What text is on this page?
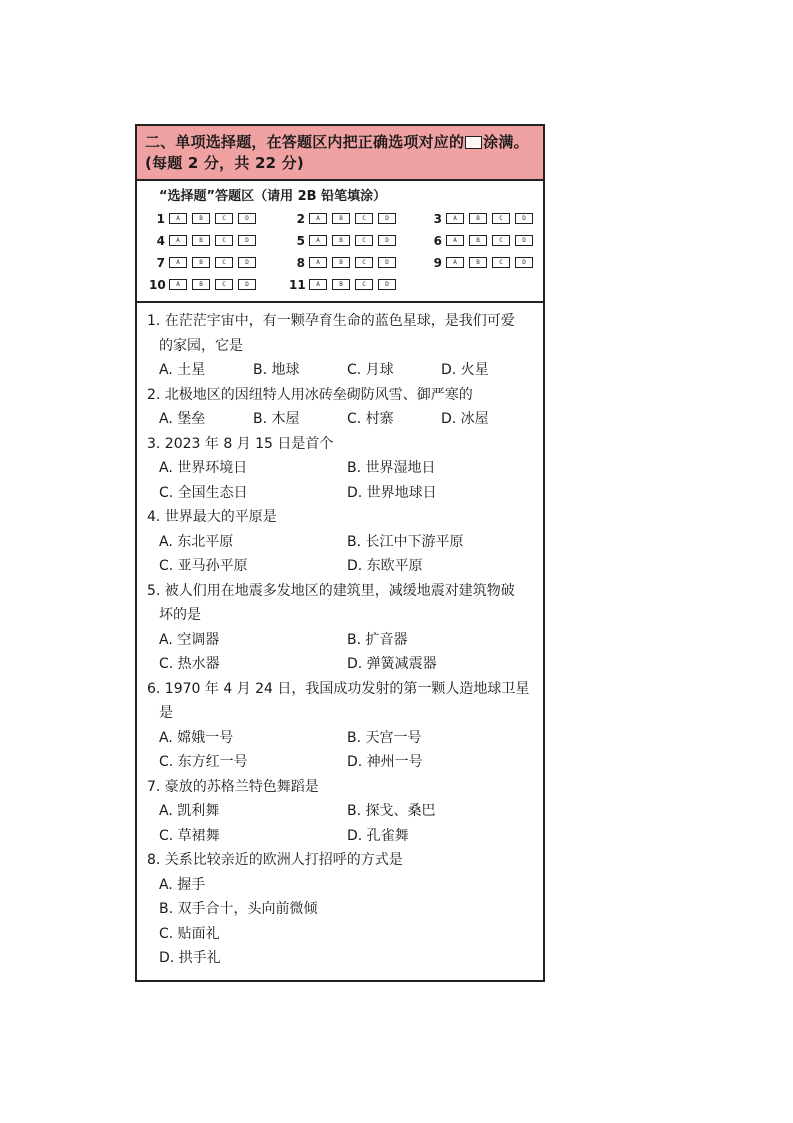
二、单项选择题，在答题区内把正确选项对应的 涂满。
(每题 2 分，共 22 分)
“选择题”答题区（请用 2B 铅笔填涂）
1	A	B	C	D	2	A	B	C	D	3	A	B	C	D
4	A	B	C	D	5	A	B	C	D	6	A	B	C	D
7	A	B	C	D	8	A	B	C	D	9	A	B	C	D
10	A	B	C	D	11	A	B	C	D
1. 在茫茫宇宙中，有一颗孕育生命的蓝色星球，是我们可爱
的家园，它是
A. 土星	B. 地球	C. 月球	D. 火星
2. 北极地区的因纽特人用冰砖垒砌防风雪、御严寒的
A. 堡垒	B. 木屋	C. 村寨	D. 冰屋
3. 2023 年 8 月 15 日是首个
A. 世界环境日	B. 世界湿地日
C. 全国生态日	D. 世界地球日
4. 世界最大的平原是
A. 东北平原	B. 长江中下游平原
C. 亚马孙平原	D. 东欧平原
5. 被人们用在地震多发地区的建筑里，减缓地震对建筑物破
坏的是
A. 空调器	B. 扩音器
C. 热水器	D. 弹簧减震器
6. 1970 年 4 月 24 日，我国成功发射的第一颗人造地球卫星
是
A. 嫦娥一号	B. 天宫一号
C. 东方红一号	D. 神州一号
7. 豪放的苏格兰特色舞蹈是
A. 凯利舞	B. 探戈、桑巴
C. 草裙舞	D. 孔雀舞
8. 关系比较亲近的欧洲人打招呼的方式是
A. 握手
B. 双手合十，头向前微倾
C. 贴面礼
D. 拱手礼
